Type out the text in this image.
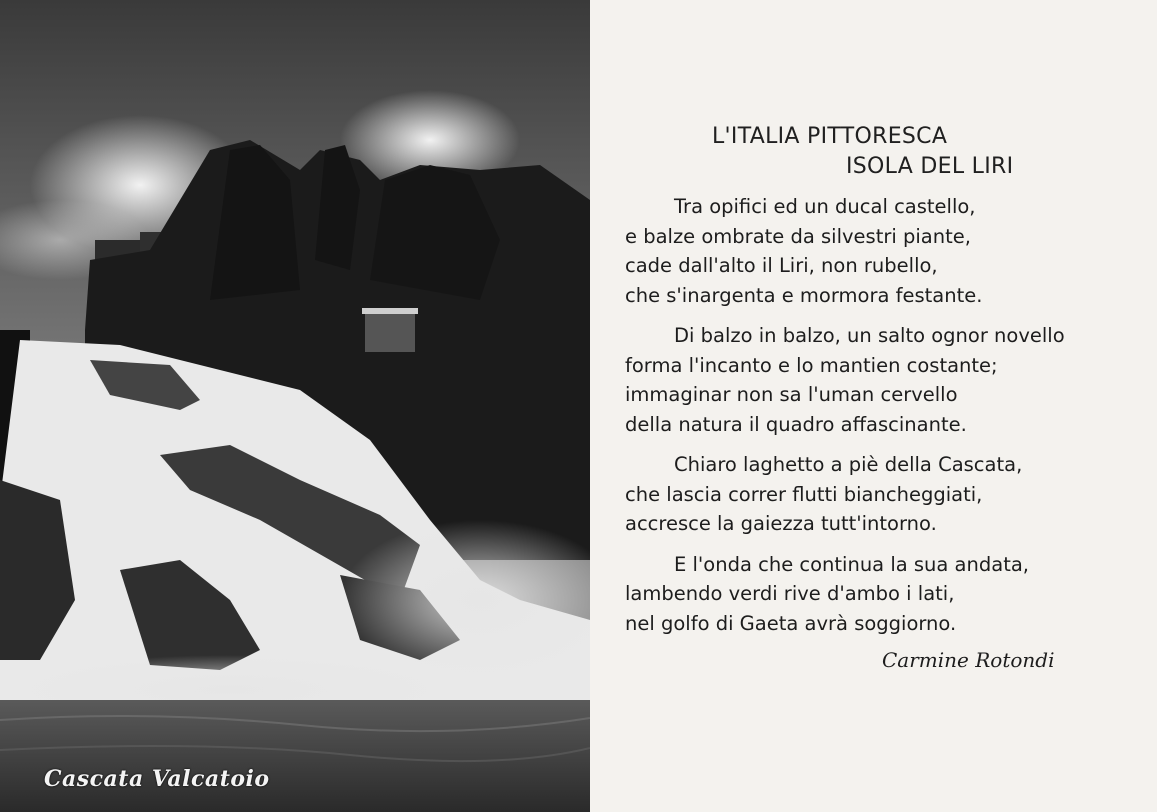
Cascata Valcatoio
L'ITALIA PITTORESCA
ISOLA DEL LIRI
Tra opifici ed un ducal castello,
e balze ombrate da silvestri piante,
cade dall'alto il Liri, non rubello,
che s'inargenta e mormora festante.
Di balzo in balzo, un salto ognor novello
forma l'incanto e lo mantien costante;
immaginar non sa l'uman cervello
della natura il quadro affascinante.
Chiaro laghetto a piè della Cascata,
che lascia correr flutti biancheggiati,
accresce la gaiezza tutt'intorno.
E l'onda che continua la sua andata,
lambendo verdi rive d'ambo i lati,
nel golfo di Gaeta avrà soggiorno.
Carmine Rotondi
